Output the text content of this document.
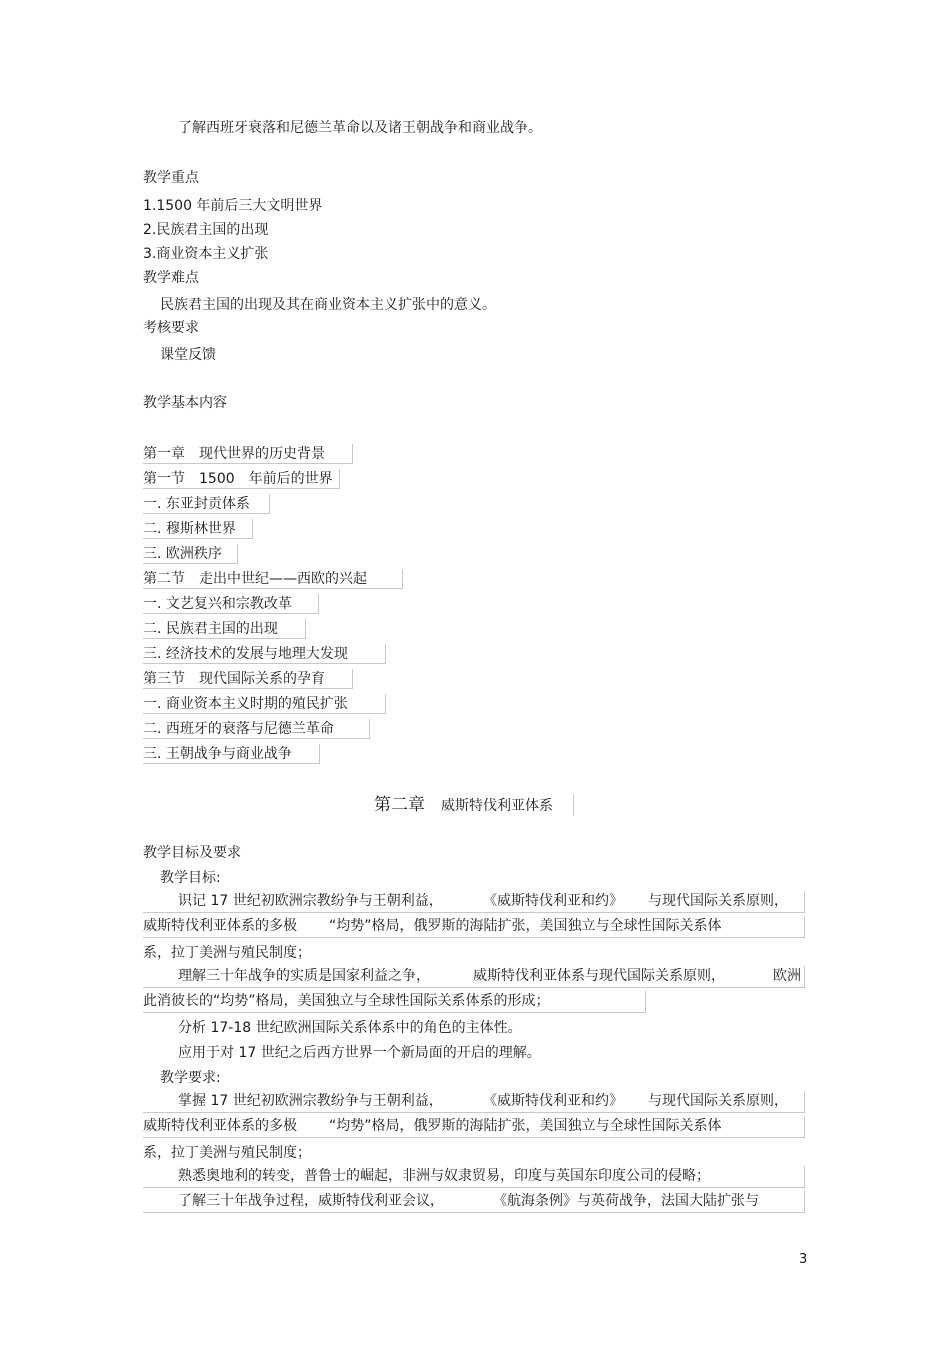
了解西班牙衰落和尼德兰革命以及诸王朝战争和商业战争。
教学重点
1.1500 年前后三大文明世界
2.民族君主国的出现
3.商业资本主义扩张
教学难点
民族君主国的出现及其在商业资本主义扩张中的意义。
考核要求
课堂反馈
教学基本内容
第一章　现代世界的历史背景
第一节　1500　年前后的世界
一. 东亚封贡体系
二. 穆斯林世界
三. 欧洲秩序
第二节　走出中世纪——西欧的兴起
一. 文艺复兴和宗教改革
二. 民族君主国的出现
三. 经济技术的发展与地理大发现
第三节　现代国际关系的孕育
一. 商业资本主义时期的殖民扩张
二. 西班牙的衰落与尼德兰革命
三. 王朝战争与商业战争
第二章 威斯特伐利亚体系
教学目标及要求
教学目标:
识记 17 世纪初欧洲宗教纷争与王朝利益，	《威斯特伐利亚和约》 与现代国际关系原则，
威斯特伐利亚体系的多极 “均势”格局，俄罗斯的海陆扩张，美国独立与全球性国际关系体
系，拉丁美洲与殖民制度；
理解三十年战争的实质是国家利益之争，	威斯特伐利亚体系与现代国际关系原则，	欧洲
此消彼长的“均势”格局，美国独立与全球性国际关系体系的形成；
分析 17-18 世纪欧洲国际关系体系中的角色的主体性。
应用于对 17 世纪之后西方世界一个新局面的开启的理解。
教学要求:
掌握 17 世纪初欧洲宗教纷争与王朝利益，	《威斯特伐利亚和约》 与现代国际关系原则，
威斯特伐利亚体系的多极 “均势”格局，俄罗斯的海陆扩张，美国独立与全球性国际关系体
系，拉丁美洲与殖民制度；
熟悉奥地利的转变，普鲁士的崛起，非洲与奴隶贸易，印度与英国东印度公司的侵略；
了解三十年战争过程，威斯特伐利亚会议，	《航海条例》与英荷战争，法国大陆扩张与
3
